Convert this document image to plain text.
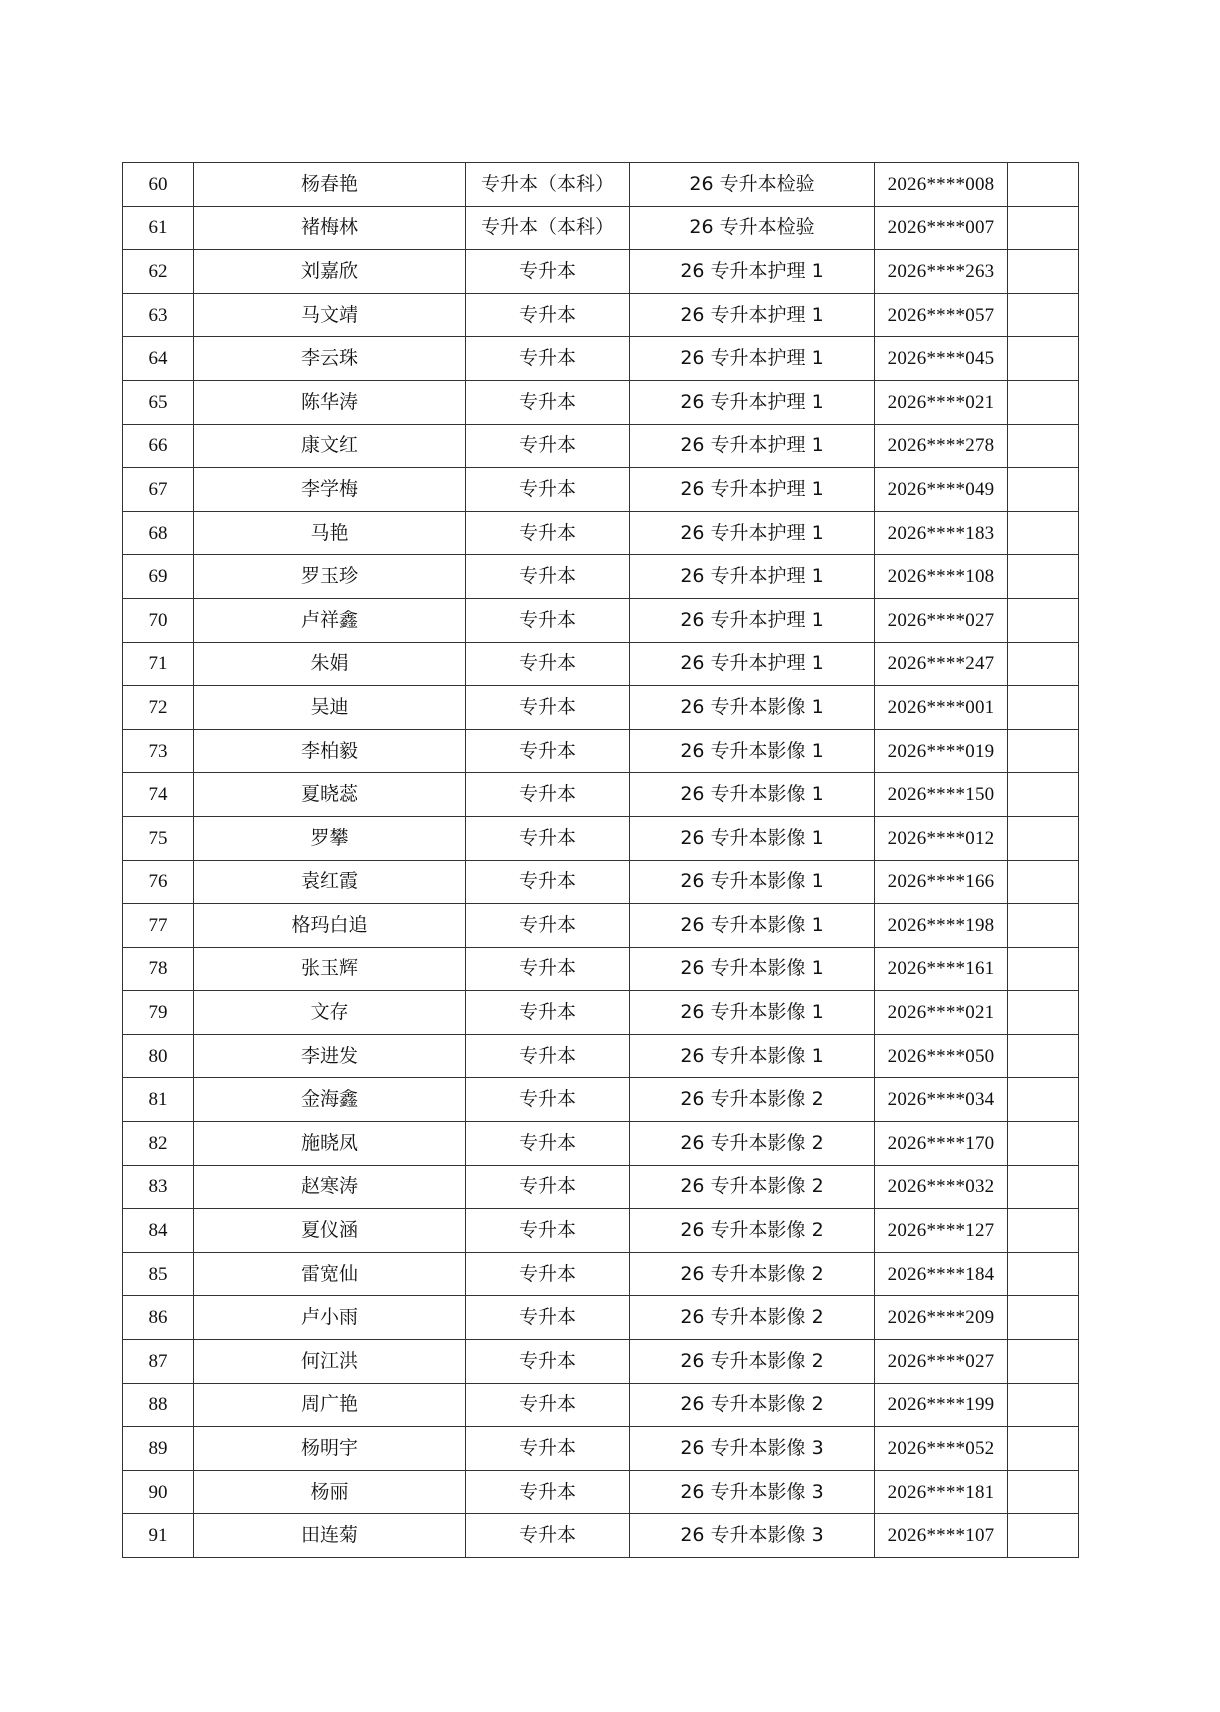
60	杨春艳	专升本（本科）	26 专升本检验	2026****008	
61	褚梅林	专升本（本科）	26 专升本检验	2026****007	
62	刘嘉欣	专升本	26 专升本护理 1	2026****263	
63	马文靖	专升本	26 专升本护理 1	2026****057	
64	李云珠	专升本	26 专升本护理 1	2026****045	
65	陈华涛	专升本	26 专升本护理 1	2026****021	
66	康文红	专升本	26 专升本护理 1	2026****278	
67	李学梅	专升本	26 专升本护理 1	2026****049	
68	马艳	专升本	26 专升本护理 1	2026****183	
69	罗玉珍	专升本	26 专升本护理 1	2026****108	
70	卢祥鑫	专升本	26 专升本护理 1	2026****027	
71	朱娟	专升本	26 专升本护理 1	2026****247	
72	吴迪	专升本	26 专升本影像 1	2026****001	
73	李柏毅	专升本	26 专升本影像 1	2026****019	
74	夏晓蕊	专升本	26 专升本影像 1	2026****150	
75	罗攀	专升本	26 专升本影像 1	2026****012	
76	袁红霞	专升本	26 专升本影像 1	2026****166	
77	格玛白追	专升本	26 专升本影像 1	2026****198	
78	张玉辉	专升本	26 专升本影像 1	2026****161	
79	文存	专升本	26 专升本影像 1	2026****021	
80	李进发	专升本	26 专升本影像 1	2026****050	
81	金海鑫	专升本	26 专升本影像 2	2026****034	
82	施晓凤	专升本	26 专升本影像 2	2026****170	
83	赵寒涛	专升本	26 专升本影像 2	2026****032	
84	夏仪涵	专升本	26 专升本影像 2	2026****127	
85	雷宽仙	专升本	26 专升本影像 2	2026****184	
86	卢小雨	专升本	26 专升本影像 2	2026****209	
87	何江洪	专升本	26 专升本影像 2	2026****027	
88	周广艳	专升本	26 专升本影像 2	2026****199	
89	杨明宇	专升本	26 专升本影像 3	2026****052	
90	杨丽	专升本	26 专升本影像 3	2026****181	
91	田连菊	专升本	26 专升本影像 3	2026****107	
